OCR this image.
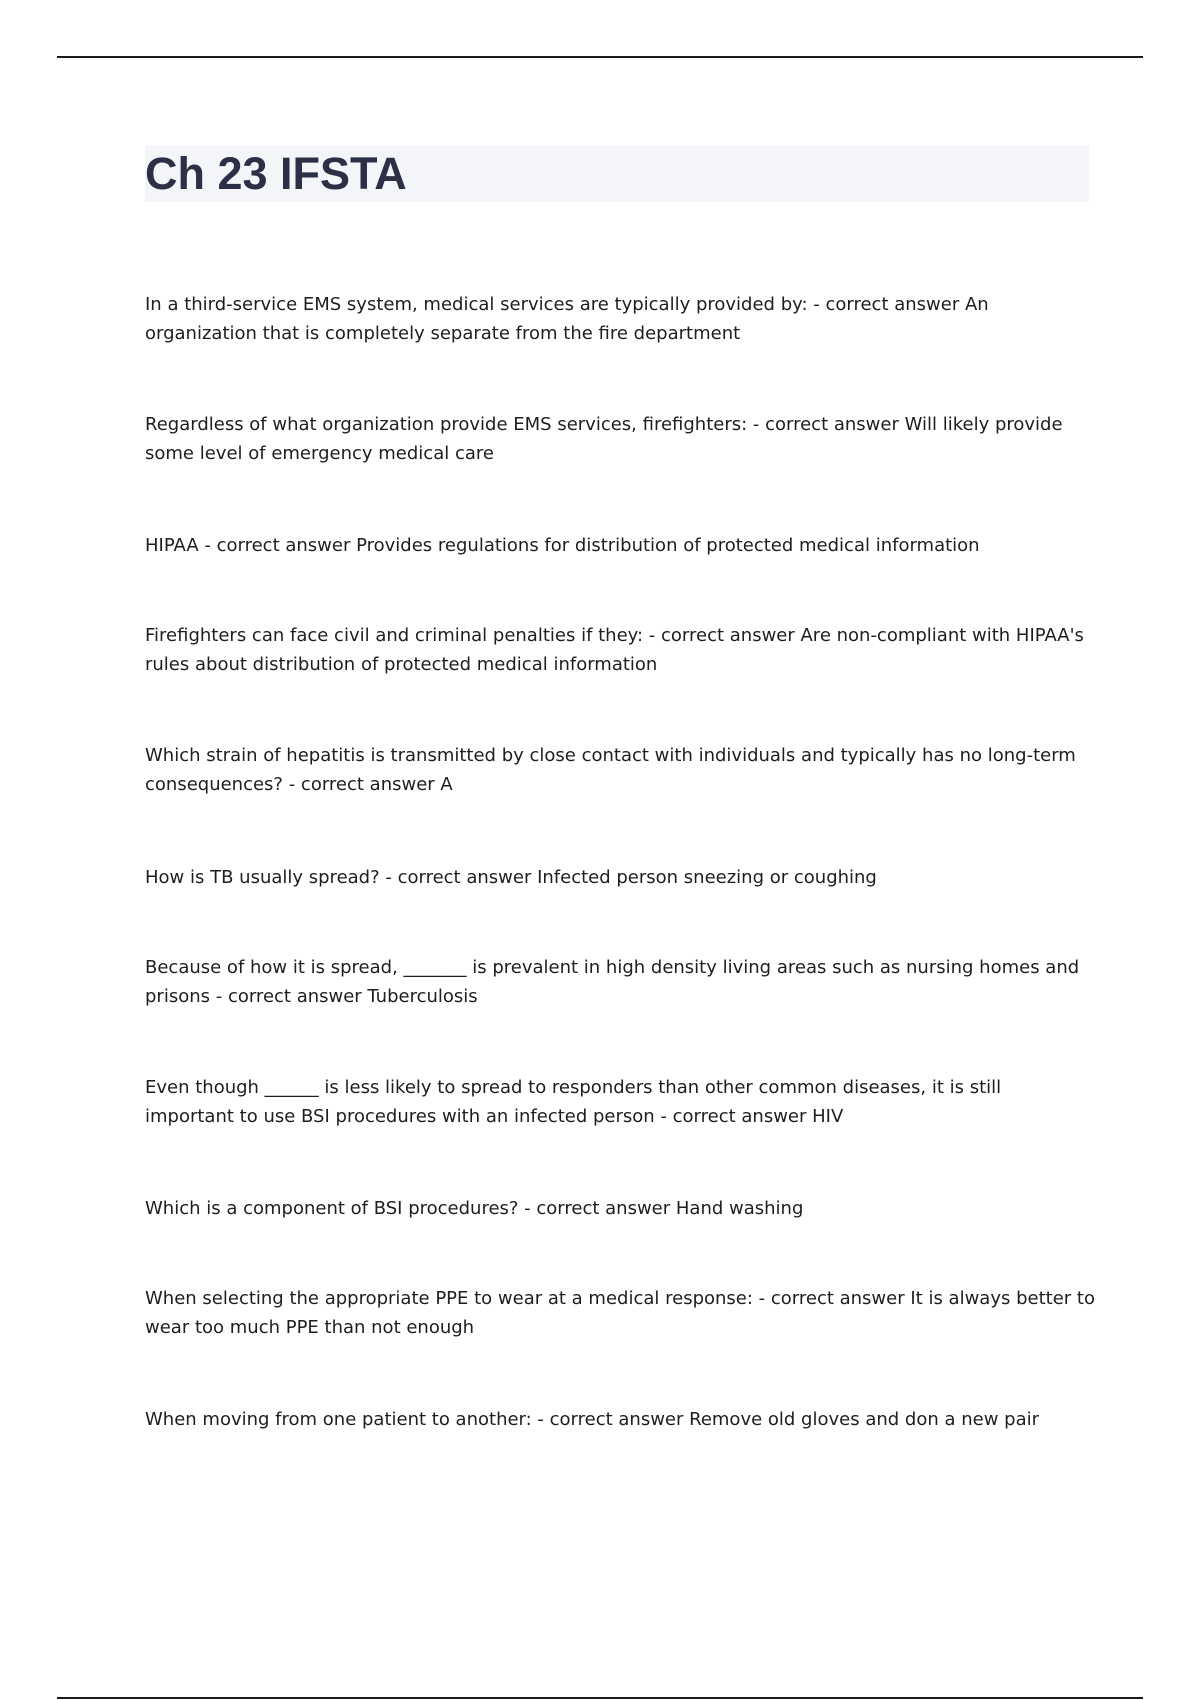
Ch 23 IFSTA

In a third-service EMS system, medical services are typically provided by: - correct answer An organization that is completely separate from the fire department

Regardless of what organization provide EMS services, firefighters: - correct answer Will likely provide some level of emergency medical care

HIPAA - correct answer Provides regulations for distribution of protected medical information

Firefighters can face civil and criminal penalties if they: - correct answer Are non-compliant with HIPAA's rules about distribution of protected medical information

Which strain of hepatitis is transmitted by close contact with individuals and typically has no long-term consequences? - correct answer A

How is TB usually spread? - correct answer Infected person sneezing or coughing

Because of how it is spread, _______ is prevalent in high density living areas such as nursing homes and prisons - correct answer Tuberculosis

Even though ______ is less likely to spread to responders than other common diseases, it is still important to use BSI procedures with an infected person - correct answer HIV

Which is a component of BSI procedures? - correct answer Hand washing

When selecting the appropriate PPE to wear at a medical response: - correct answer It is always better to wear too much PPE than not enough

When moving from one patient to another: - correct answer Remove old gloves and don a new pair
